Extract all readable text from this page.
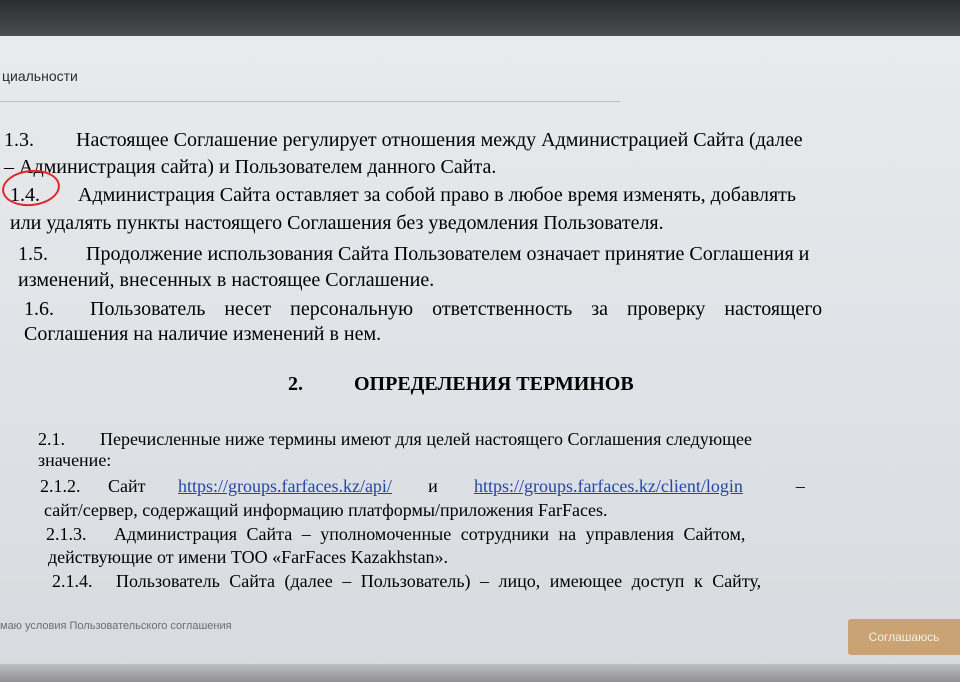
циальности
1.3. Настоящее Соглашение регулирует отношения между Администрацией Сайта (далее
– Администрация сайта) и Пользователем данного Сайта.
1.4. Администрация Сайта оставляет за собой право в любое время изменять, добавлять
или удалять пункты настоящего Соглашения без уведомления Пользователя.
1.5. Продолжение использования Сайта Пользователем означает принятие Соглашения и
изменений, внесенных в настоящее Соглашение.
1.6. Пользователь несет персональную ответственность за проверку настоящего
Соглашения на наличие изменений в нем.
2.	ОПРЕДЕЛЕНИЯ ТЕРМИНОВ
2.1. Перечисленные ниже термины имеют для целей настоящего Соглашения следующее
значение:
2.1.2. Сайт https://groups.farfaces.kz/api/ и https://groups.farfaces.kz/client/login	–
сайт/сервер, содержащий информацию платформы/приложения FarFaces.
2.1.3. Администрация Сайта – уполномоченные сотрудники на управления Сайтом,
действующие от имени ТОО «FarFaces Kazakhstan».
2.1.4. Пользователь Сайта (далее – Пользователь) – лицо, имеющее доступ к Сайту,
маю условия Пользовательского соглашения
Соглашаюсь
